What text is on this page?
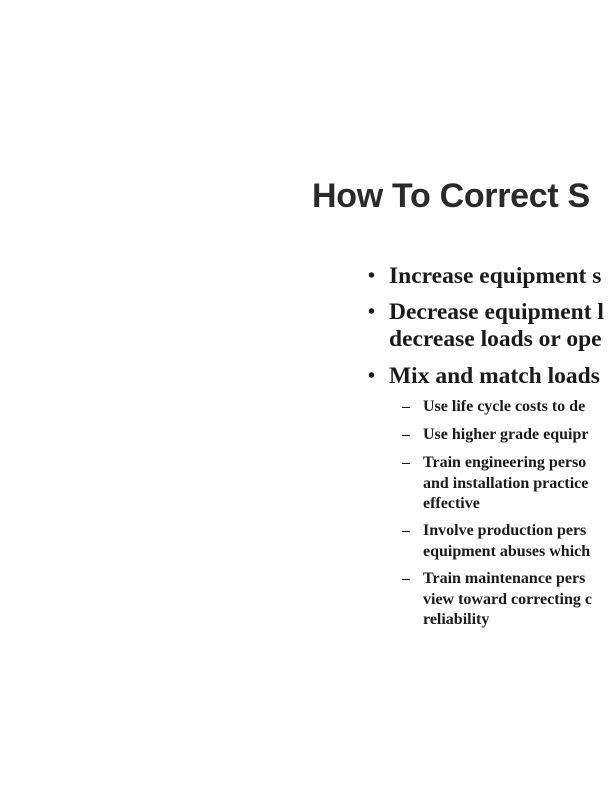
How To Correct S
• Increase equipment s
• Decrease equipment l
decrease loads or ope
• Mix and match loads
– Use life cycle costs to de
– Use higher grade equipr
– Train engineering perso
and installation practice
effective
– Involve production pers
equipment abuses which
– Train maintenance pers
view toward correcting c
reliability
